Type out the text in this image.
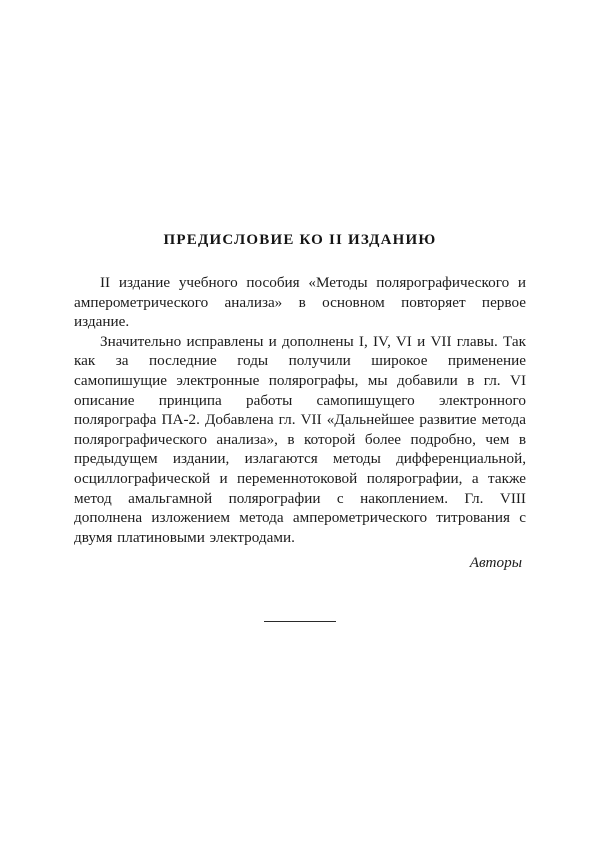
ПРЕДИСЛОВИЕ КО II ИЗДАНИЮ

II издание учебного пособия «Методы полярографического и амперометрического анализа» в основном повторяет первое издание.

Значительно исправлены и дополнены I, IV, VI и VII главы. Так как за последние годы получили широкое применение самопишущие электронные полярографы, мы добавили в гл. VI описание принципа работы самопишущего электронного полярографа ПА-2. Добавлена гл. VII «Дальнейшее развитие метода полярографического анализа», в которой более подробно, чем в предыдущем издании, излагаются методы дифференциальной, осциллографической и переменнотоковой полярографии, а также метод амальгамной полярографии с накоплением. Гл. VIII дополнена изложением метода амперометрического титрования с двумя платиновыми электродами.

Авторы
